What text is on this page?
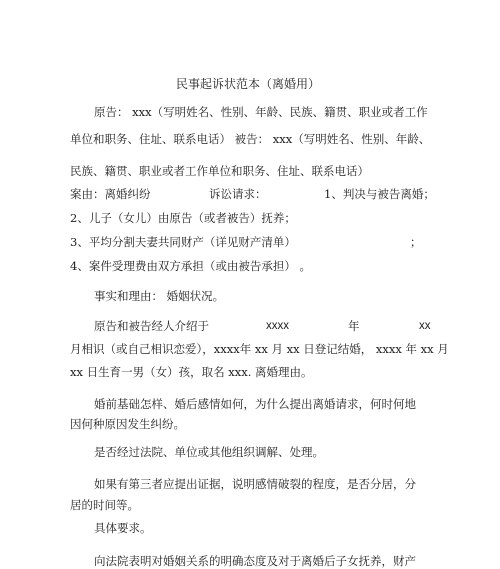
民事起诉状范本（离婚用）
原告： xxx（写明姓名、性别、年龄、民族、籍贯、职业或者工作
单位和职务、住址、联系电话） 被告： xxx（写明姓名、性别、年龄、
民族、籍贯、职业或者工作单位和职务、住址、联系电话）
案由：离婚纠纷	诉讼请求：	1、判决与被告离婚；
2、儿子（女儿）由原告（或者被告）抚养；
3、平均分割夫妻共同财产（详见财产清单）	；
4、案件受理费由双方承担（或由被告承担） 。
事实和理由： 婚姻状况。
原告和被告经人介绍于	xxxx	年	xx
月相识（或自己相识恋爱），xxxx年 xx 月 xx 日登记结婚， xxxx 年 xx 月
xx 日生育一男（女）孩，取名 xxx. 离婚理由。
婚前基础怎样、婚后感情如何，为什么提出离婚请求，何时何地
因何种原因发生纠纷。
是否经过法院、单位或其他组织调解、处理。
如果有第三者应提出证据，说明感情破裂的程度，是否分居，分
居的时间等。
具体要求。
向法院表明对婚姻关系的明确态度及对于离婚后子女抚养，财产
